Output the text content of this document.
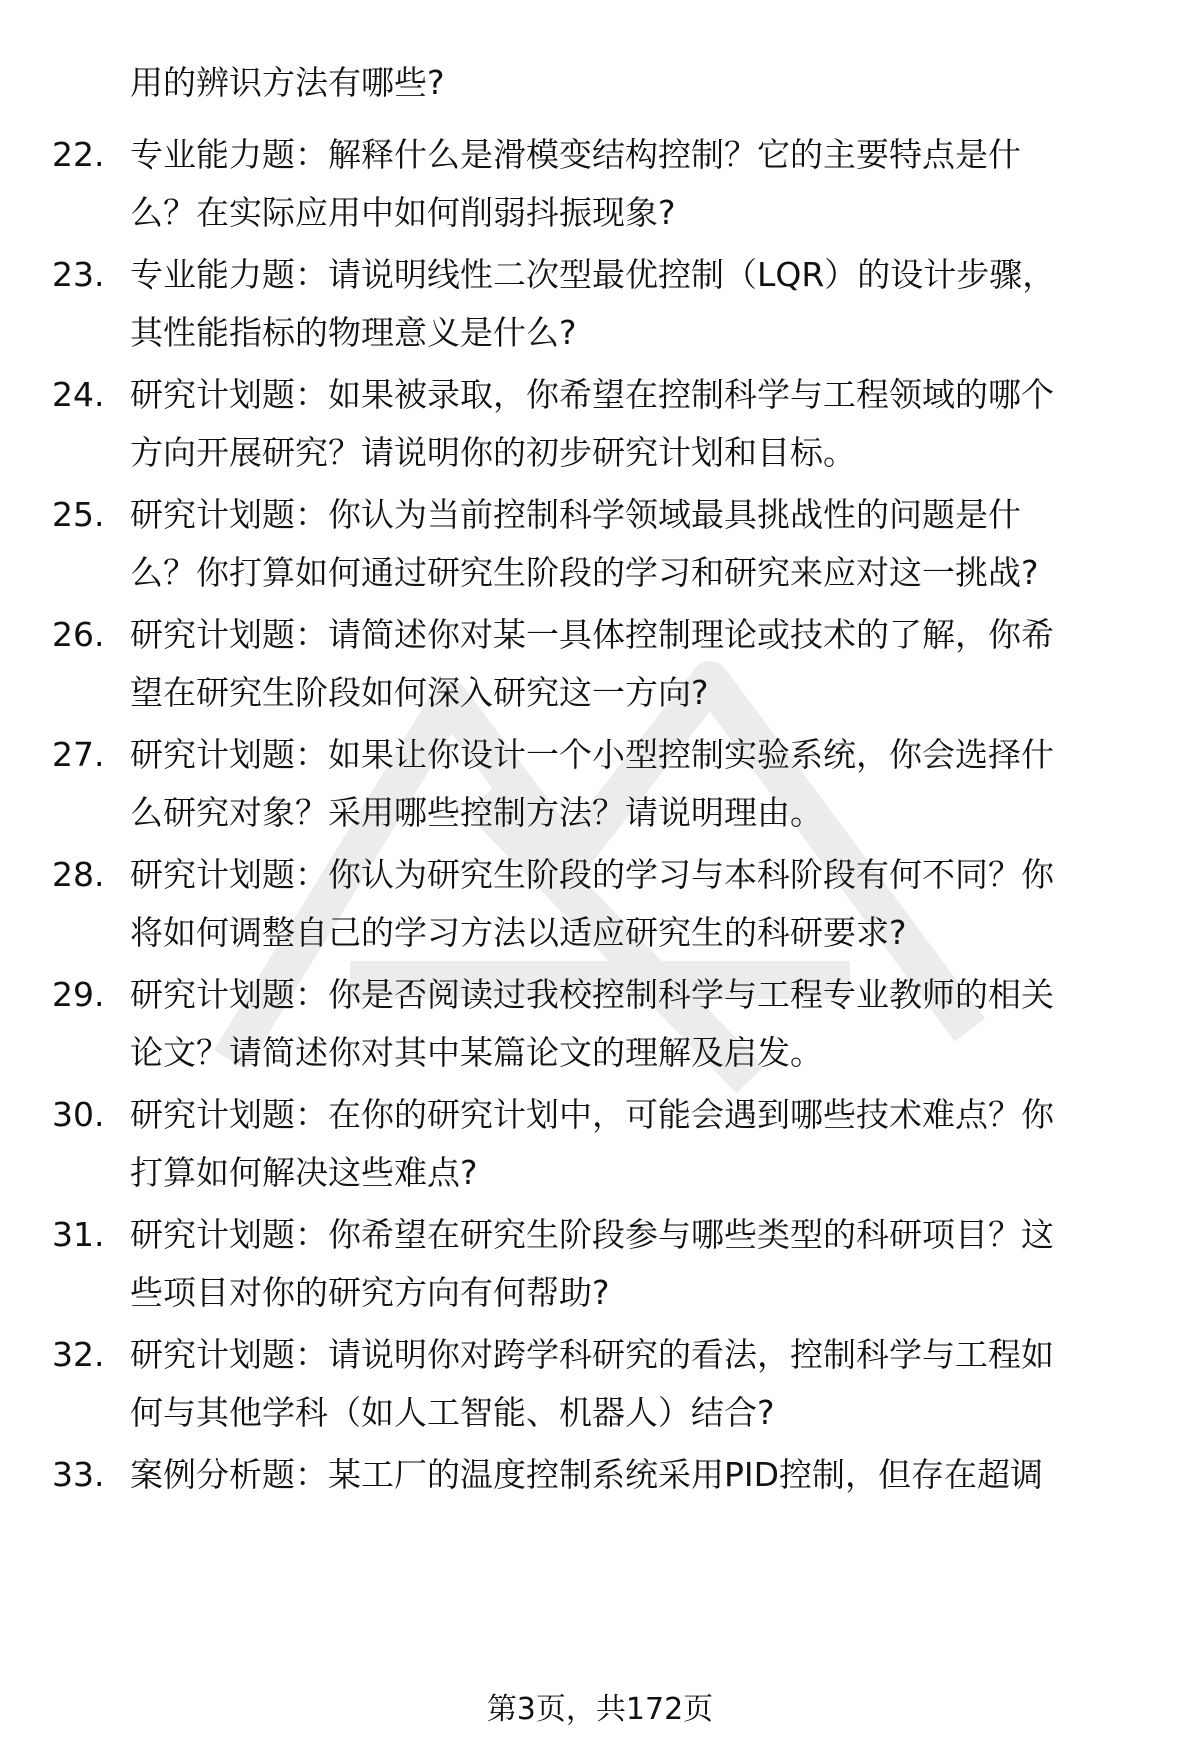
用的辨识方法有哪些?
22. 专业能力题：解释什么是滑模变结构控制？它的主要特点是什
么？在实际应用中如何削弱抖振现象?
23. 专业能力题：请说明线性二次型最优控制（LQR）的设计步骤，
其性能指标的物理意义是什么?
24. 研究计划题：如果被录取，你希望在控制科学与工程领域的哪个
方向开展研究？请说明你的初步研究计划和目标。
25. 研究计划题：你认为当前控制科学领域最具挑战性的问题是什
么？你打算如何通过研究生阶段的学习和研究来应对这一挑战?
26. 研究计划题：请简述你对某一具体控制理论或技术的了解，你希
望在研究生阶段如何深入研究这一方向?
27. 研究计划题：如果让你设计一个小型控制实验系统，你会选择什
么研究对象？采用哪些控制方法？请说明理由。
28. 研究计划题：你认为研究生阶段的学习与本科阶段有何不同？你
将如何调整自己的学习方法以适应研究生的科研要求?
29. 研究计划题：你是否阅读过我校控制科学与工程专业教师的相关
论文？请简述你对其中某篇论文的理解及启发。
30. 研究计划题：在你的研究计划中，可能会遇到哪些技术难点？你
打算如何解决这些难点?
31. 研究计划题：你希望在研究生阶段参与哪些类型的科研项目？这
些项目对你的研究方向有何帮助?
32. 研究计划题：请说明你对跨学科研究的看法，控制科学与工程如
何与其他学科（如人工智能、机器人）结合?
33. 案例分析题：某工厂的温度控制系统采用PID控制，但存在超调
第3页，共172页
